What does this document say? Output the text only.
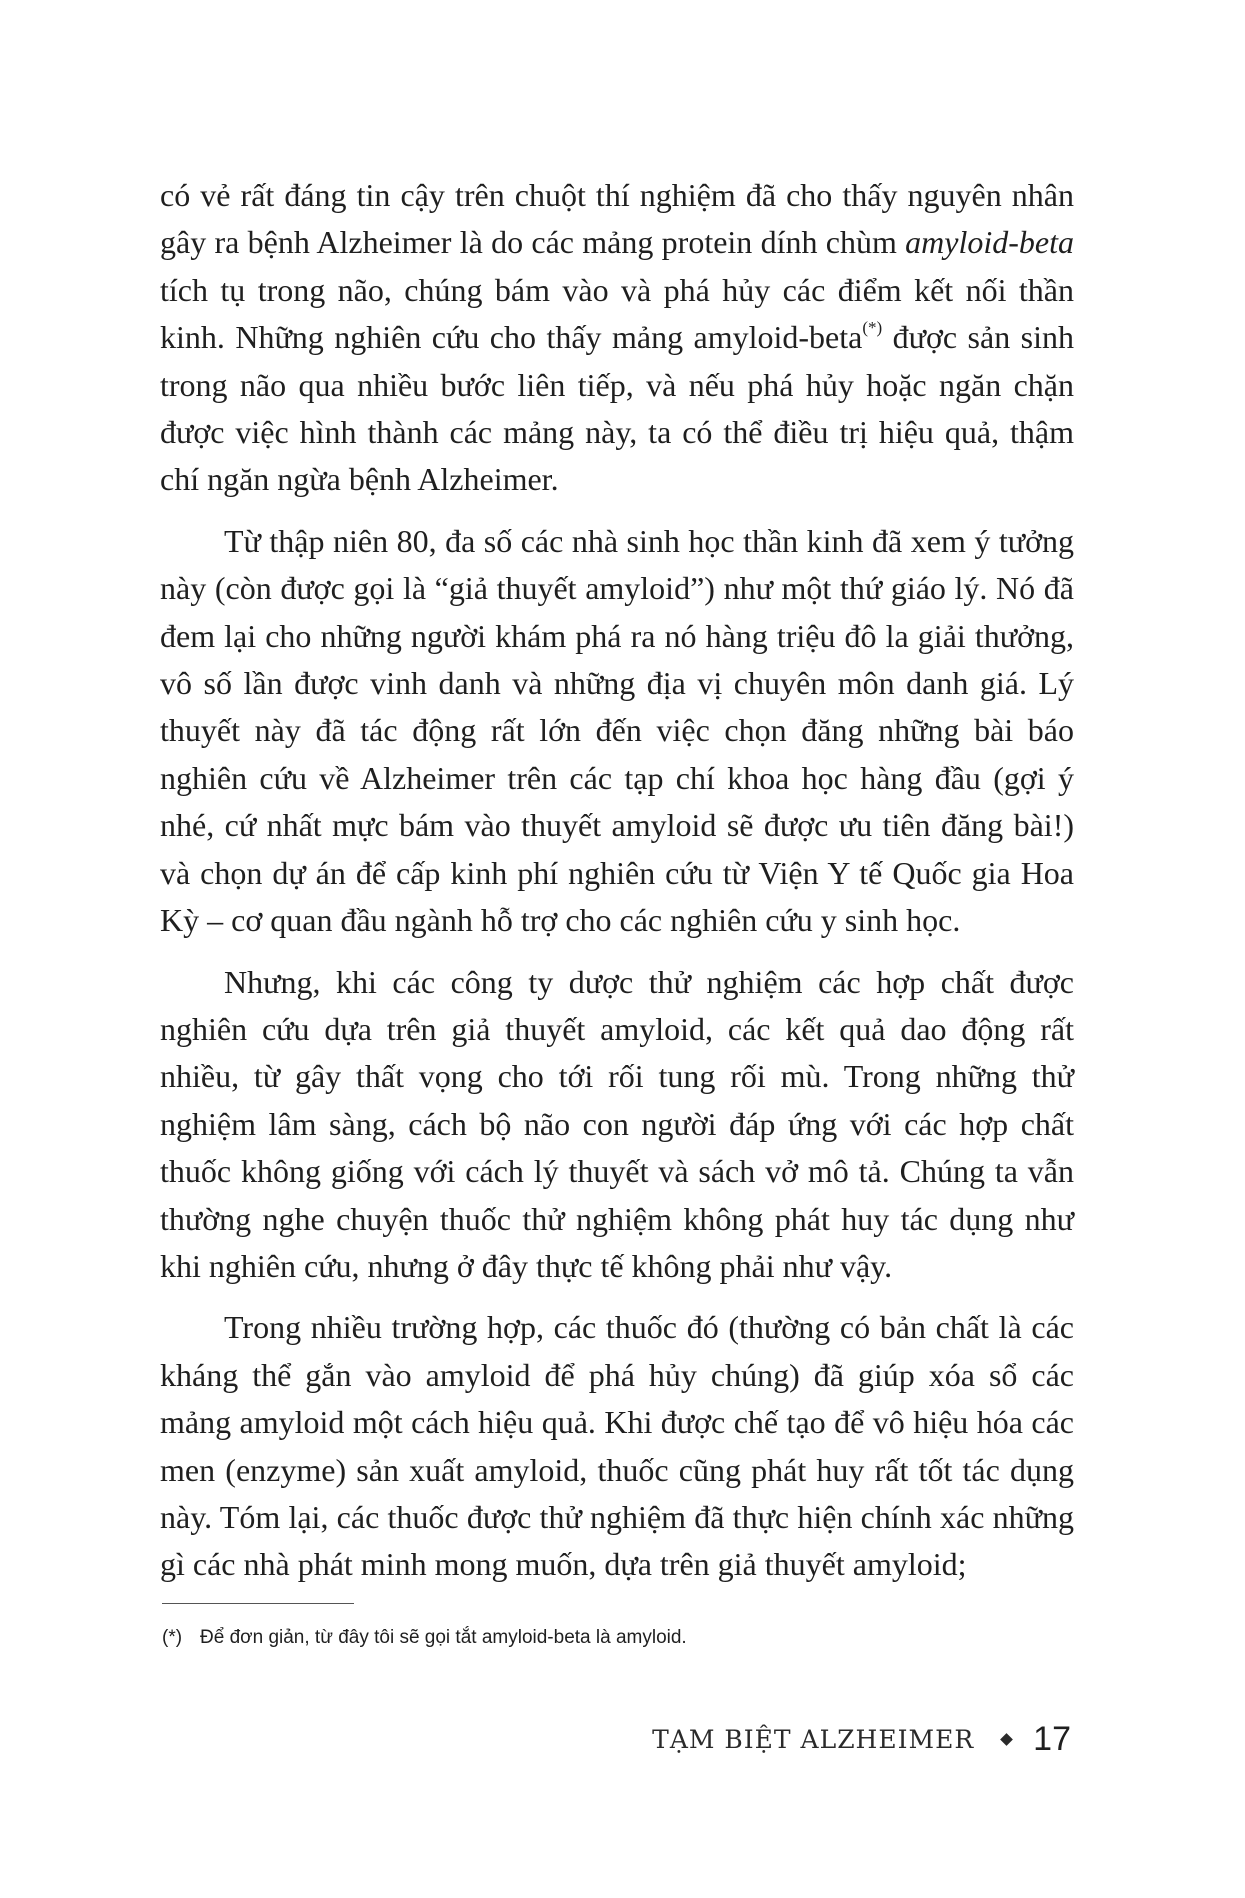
có vẻ rất đáng tin cậy trên chuột thí nghiệm đã cho thấy nguyên nhân gây ra bệnh Alzheimer là do các mảng protein dính chùm amyloid-beta tích tụ trong não, chúng bám vào và phá hủy các điểm kết nối thần kinh. Những nghiên cứu cho thấy mảng amyloid-beta(*) được sản sinh trong não qua nhiều bước liên tiếp, và nếu phá hủy hoặc ngăn chặn được việc hình thành các mảng này, ta có thể điều trị hiệu quả, thậm chí ngăn ngừa bệnh Alzheimer.

Từ thập niên 80, đa số các nhà sinh học thần kinh đã xem ý tưởng này (còn được gọi là “giả thuyết amyloid”) như một thứ giáo lý. Nó đã đem lại cho những người khám phá ra nó hàng triệu đô la giải thưởng, vô số lần được vinh danh và những địa vị chuyên môn danh giá. Lý thuyết này đã tác động rất lớn đến việc chọn đăng những bài báo nghiên cứu về Alzheimer trên các tạp chí khoa học hàng đầu (gợi ý nhé, cứ nhất mực bám vào thuyết amyloid sẽ được ưu tiên đăng bài!) và chọn dự án để cấp kinh phí nghiên cứu từ Viện Y tế Quốc gia Hoa Kỳ – cơ quan đầu ngành hỗ trợ cho các nghiên cứu y sinh học.

Nhưng, khi các công ty dược thử nghiệm các hợp chất được nghiên cứu dựa trên giả thuyết amyloid, các kết quả dao động rất nhiều, từ gây thất vọng cho tới rối tung rối mù. Trong những thử nghiệm lâm sàng, cách bộ não con người đáp ứng với các hợp chất thuốc không giống với cách lý thuyết và sách vở mô tả. Chúng ta vẫn thường nghe chuyện thuốc thử nghiệm không phát huy tác dụng như khi nghiên cứu, nhưng ở đây thực tế không phải như vậy.

Trong nhiều trường hợp, các thuốc đó (thường có bản chất là các kháng thể gắn vào amyloid để phá hủy chúng) đã giúp xóa sổ các mảng amyloid một cách hiệu quả. Khi được chế tạo để vô hiệu hóa các men (enzyme) sản xuất amyloid, thuốc cũng phát huy rất tốt tác dụng này. Tóm lại, các thuốc được thử nghiệm đã thực hiện chính xác những gì các nhà phát minh mong muốn, dựa trên giả thuyết amyloid;

(*) Để đơn giản, từ đây tôi sẽ gọi tắt amyloid-beta là amyloid.
TẠM BIỆT ALZHEIMER 17
